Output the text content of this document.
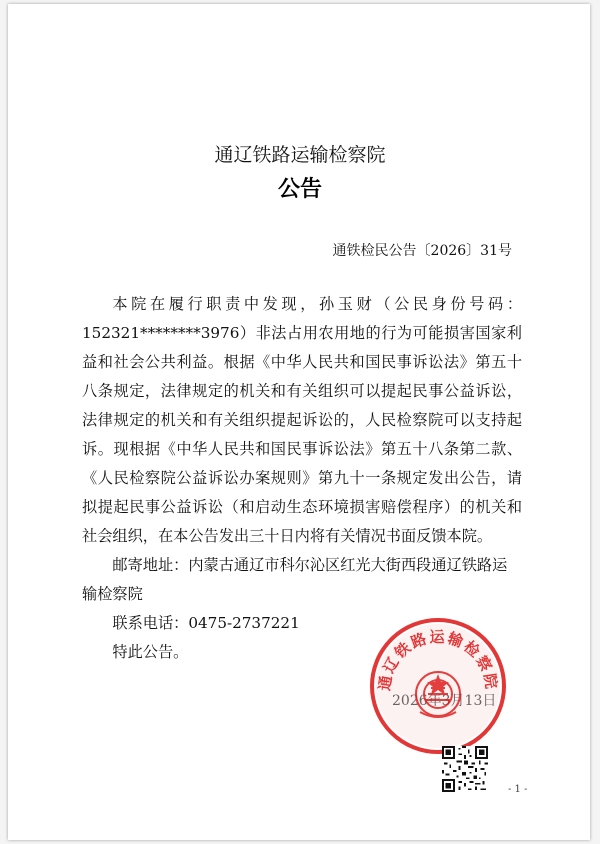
通辽铁路运输检察院
公告
通铁检民公告〔2026〕31号

本院在履行职责中发现，孙玉财（公民身份号码：152321********3976）非法占用农用地的行为可能损害国家利益和社会公共利益。根据《中华人民共和国民事诉讼法》第五十八条规定，法律规定的机关和有关组织可以提起民事公益诉讼，法律规定的机关和有关组织提起诉讼的，人民检察院可以支持起诉。现根据《中华人民共和国民事诉讼法》第五十八条第二款、《人民检察院公益诉讼办案规则》第九十一条规定发出公告，请拟提起民事公益诉讼（和启动生态环境损害赔偿程序）的机关和社会组织，在本公告发出三十日内将有关情况书面反馈本院。

邮寄地址：内蒙古通辽市科尔沁区红光大街西段通辽铁路运输检察院

联系电话：0475-2737221

特此公告。

通辽铁路运输检察院
- 1 -
